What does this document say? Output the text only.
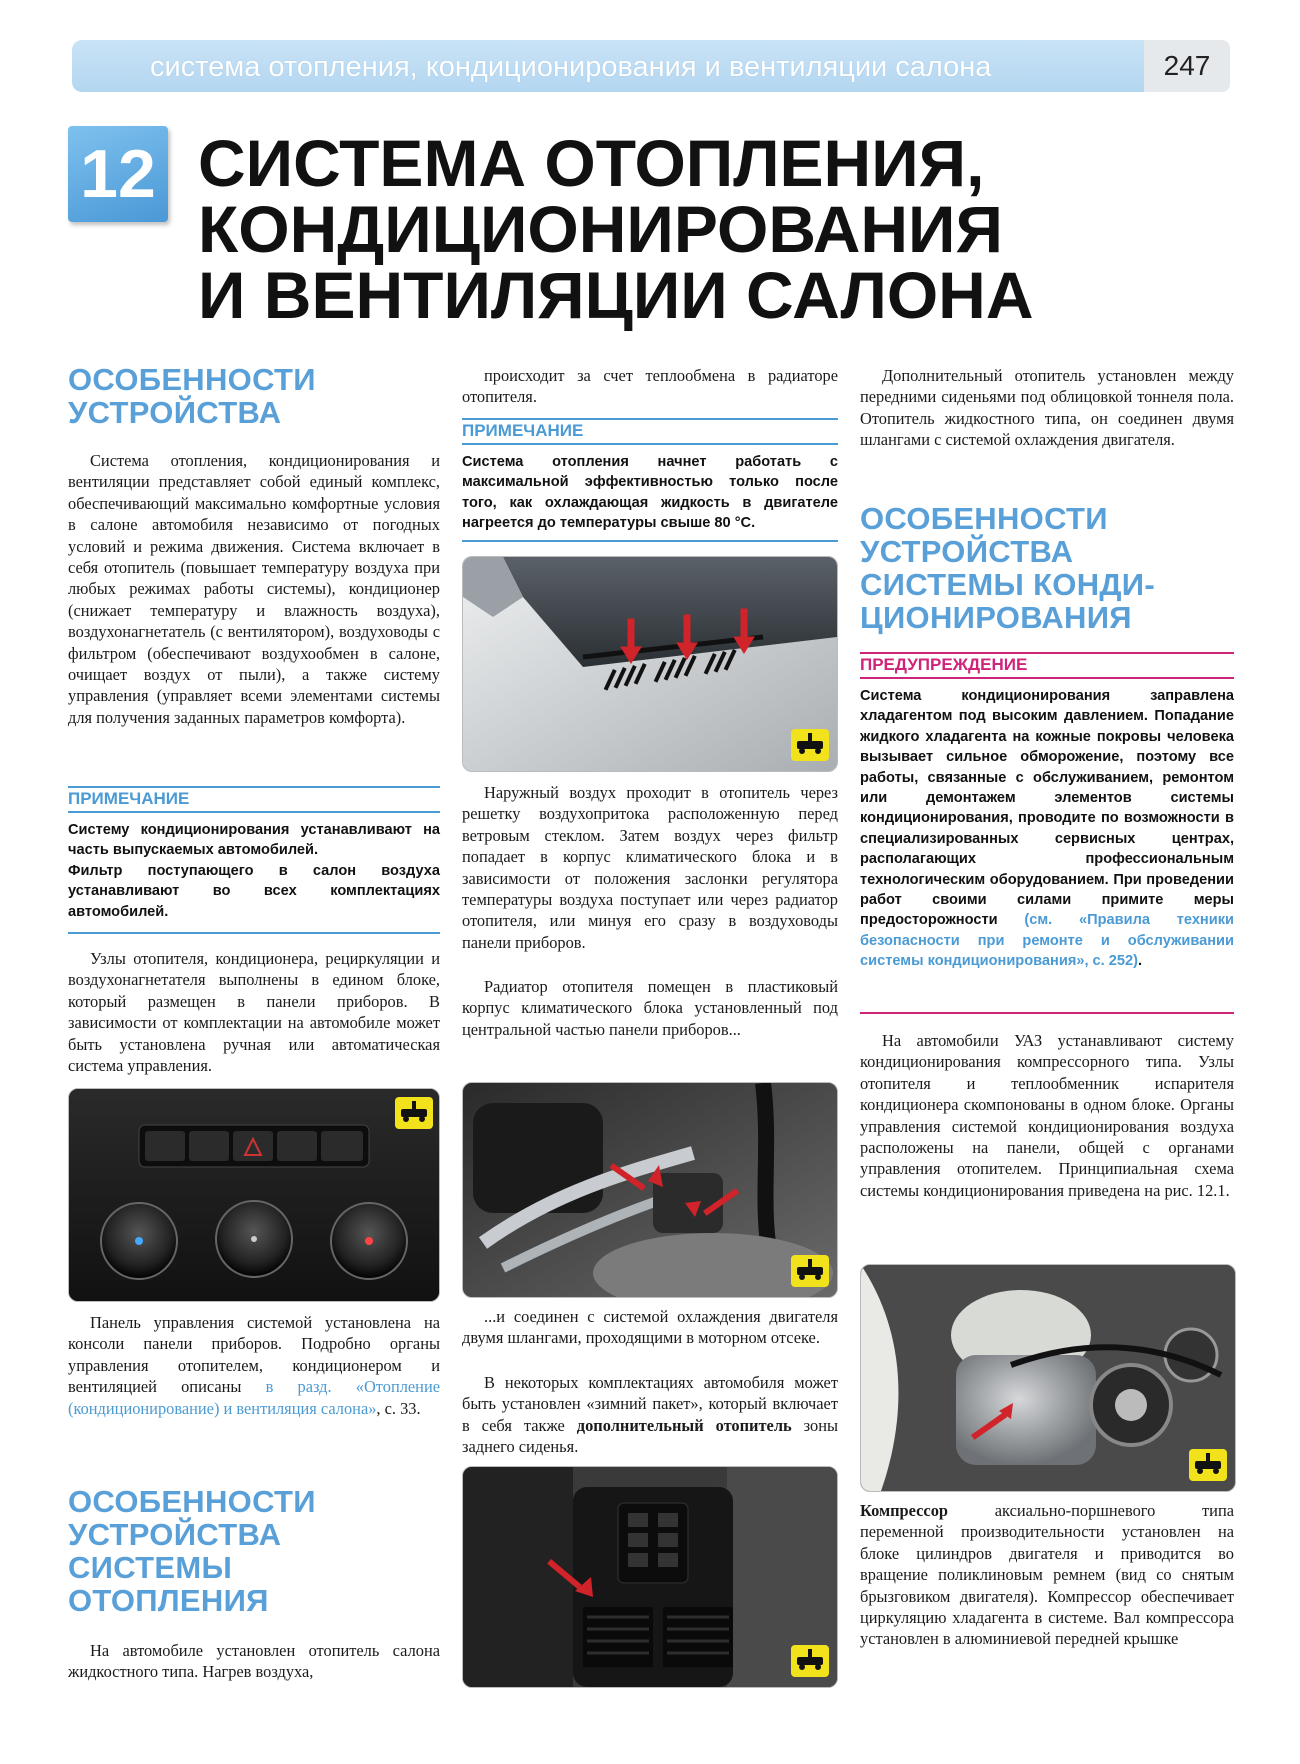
система отопления, кондиционирования и вентиляции салона	247
12 СИСТЕМА ОТОПЛЕНИЯ,
КОНДИЦИОНИРОВАНИЯ
И ВЕНТИЛЯЦИИ САЛОНА
ОСОБЕННОСТИ
УСТРОЙСТВА

Система отопления, кондиционирования и вентиляции представляет собой единый комплекс, обеспечивающий максимально комфортные условия в салоне автомобиля независимо от погодных условий и режима движения. Система включает в себя отопитель (повышает температуру воздуха при любых режимах работы системы), кондиционер (снижает температуру и влажность воздуха), воздухонагнетатель (с вентилятором), воздуховоды с фильтром (обеспечивают воздухообмен в салоне, очищает воздух от пыли), а также систему управления (управляет всеми элементами системы для получения заданных параметров комфорта).

ПРИМЕЧАНИЕ
Систему кондиционирования устанавливают на часть выпускаемых автомобилей.
Фильтр поступающего в салон воздуха устанавливают во всех комплектациях автомобилей.

Узлы отопителя, кондиционера, рециркуляции и воздухонагнетателя выполнены в едином блоке, который размещен в панели приборов. В зависимости от комплектации на автомобиле может быть установлена ручная или автоматическая система управления.

Панель управления системой установлена на консоли панели приборов. Подробно органы управления отопителем, кондиционером и вентиляцией описаны в разд. «Отопление (кондиционирование) и вентиляция салона», с. 33.

ОСОБЕННОСТИ
УСТРОЙСТВА
СИСТЕМЫ
ОТОПЛЕНИЯ

На автомобиле установлен отопитель салона жидкостного типа. Нагрев воздуха,

происходит за счет теплообмена в радиаторе отопителя.

ПРИМЕЧАНИЕ
Система отопления начнет работать с максимальной эффективностью только после того, как охлаждающая жидкость в двигателе нагреется до температуры свыше 80 °С.

Наружный воздух проходит в отопитель через решетку воздухопритока расположенную перед ветровым стеклом. Затем воздух через фильтр попадает в корпус климатического блока и в зависимости от положения заслонки регулятора температуры воздуха поступает или через радиатор отопителя, или минуя его сразу в воздуховоды панели приборов.

Радиатор отопителя помещен в пластиковый корпус климатического блока установленный под центральной частью панели приборов...

...и соединен с системой охлаждения двигателя двумя шлангами, проходящими в моторном отсеке.

В некоторых комплектациях автомобиля может быть установлен «зимний пакет», который включает в себя также дополнительный отопитель зоны заднего сиденья.

Дополнительный отопитель установлен между передними сиденьями под облицовкой тоннеля пола. Отопитель жидкостного типа, он соединен двумя шлангами с системой охлаждения двигателя.

ОСОБЕННОСТИ
УСТРОЙСТВА
СИСТЕМЫ КОНДИ-
ЦИОНИРОВАНИЯ
ПРЕДУПРЕЖДЕНИЕ
Система кондиционирования заправлена хладагентом под высоким давлением. Попадание жидкого хладагента на кожные покровы человека вызывает сильное обморожение, поэтому все работы, связанные с обслуживанием, ремонтом или демонтажем элементов системы кондиционирования, проводите по возможности в специализированных сервисных центрах, располагающих профессиональным технологическим оборудованием. При проведении работ своими силами примите меры предосторожности (см. «Правила техники безопасности при ремонте и обслуживании системы кондиционирования», с. 252).

На автомобили УАЗ устанавливают систему кондиционирования компрессорного типа. Узлы отопителя и теплообменник испарителя кондиционера скомпонованы в одном блоке. Органы управления системой кондиционирования воздуха расположены на панели, общей с органами управления отопителем. Принципиальная схема системы кондиционирования приведена на рис. 12.1.

Компрессор аксиально-поршневого типа переменной производительности установлен на блоке цилиндров двигателя и приводится во вращение поликлиновым ремнем (вид со снятым брызговиком двигателя). Компрессор обеспечивает циркуляцию хладагента в системе. Вал компрессора установлен в алюминиевой передней крышке
